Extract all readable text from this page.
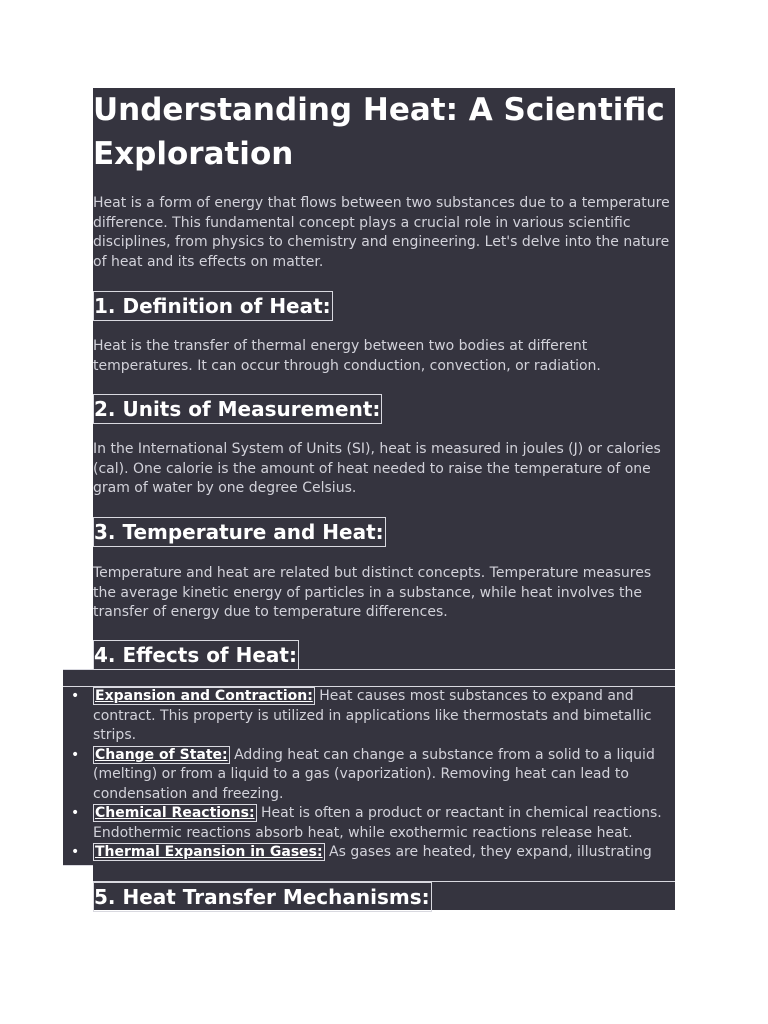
Understanding Heat: A Scientific Exploration

Heat is a form of energy that flows between two substances due to a temperature difference. This fundamental concept plays a crucial role in various scientific disciplines, from physics to chemistry and engineering. Let's delve into the nature of heat and its effects on matter.

1. Definition of Heat:

Heat is the transfer of thermal energy between two bodies at different temperatures. It can occur through conduction, convection, or radiation.

2. Units of Measurement:

In the International System of Units (SI), heat is measured in joules (J) or calories (cal). One calorie is the amount of heat needed to raise the temperature of one gram of water by one degree Celsius.

3. Temperature and Heat:

Temperature and heat are related but distinct concepts. Temperature measures the average kinetic energy of particles in a substance, while heat involves the transfer of energy due to temperature differences.

4. Effects of Heat:
• Expansion and Contraction: Heat causes most substances to expand and contract. This property is utilized in applications like thermostats and bimetallic strips.
• Change of State: Adding heat can change a substance from a solid to a liquid (melting) or from a liquid to a gas (vaporization). Removing heat can lead to condensation and freezing.
• Chemical Reactions: Heat is often a product or reactant in chemical reactions. Endothermic reactions absorb heat, while exothermic reactions release heat.
• Thermal Expansion in Gases: As gases are heated, they expand, illustrating
5. Heat Transfer Mechanisms:
